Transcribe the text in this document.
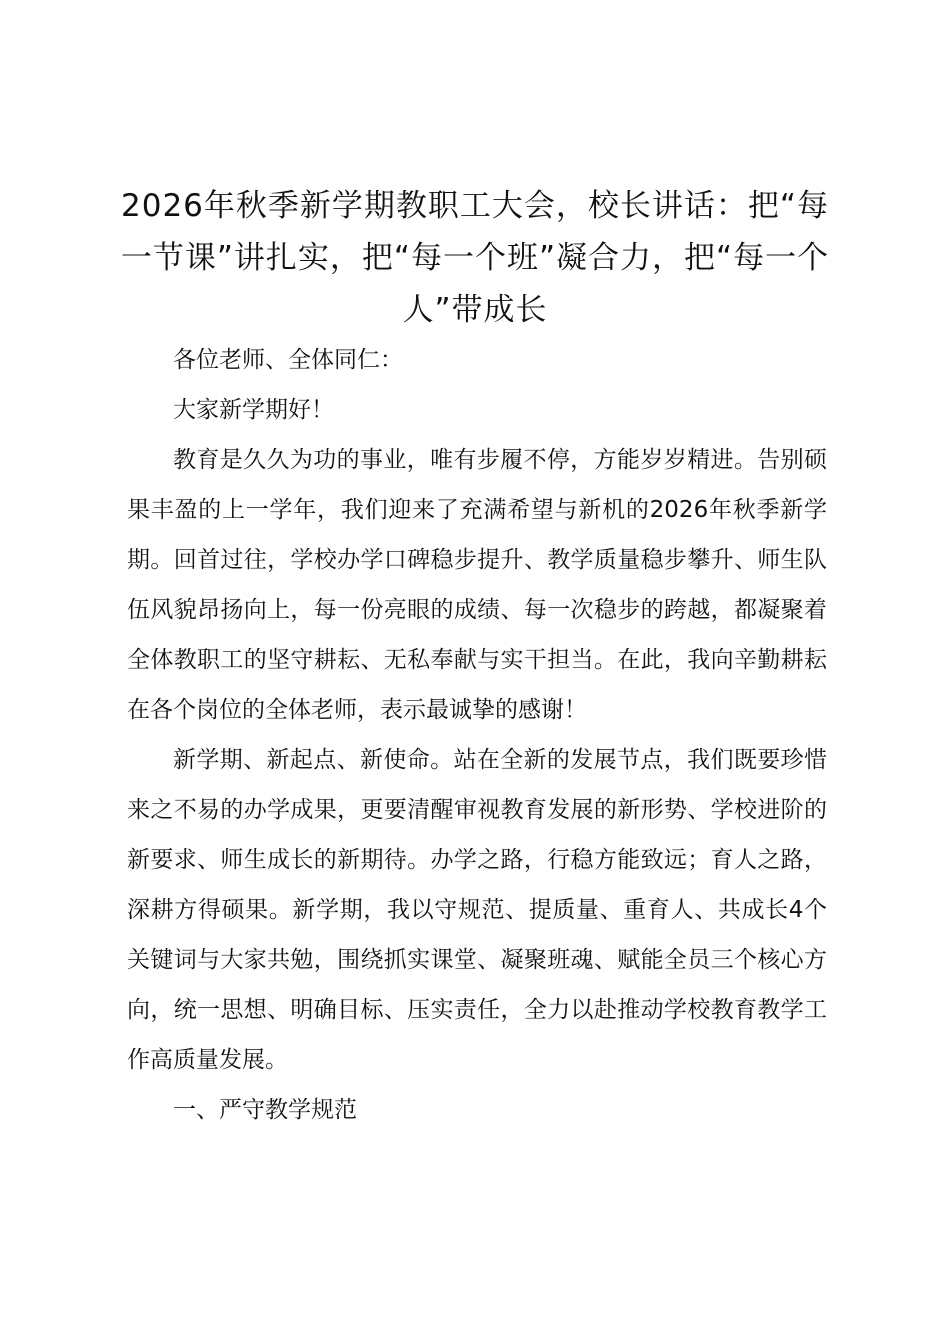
2026年秋季新学期教职工大会，校长讲话：把“每一节课”讲扎实，把“每一个班”凝合力，把“每一个人”带成长

各位老师、全体同仁：

大家新学期好！

教育是久久为功的事业，唯有步履不停，方能岁岁精进。告别硕果丰盈的上一学年，我们迎来了充满希望与新机的2026年秋季新学期。回首过往，学校办学口碑稳步提升、教学质量稳步攀升、师生队伍风貌昂扬向上，每一份亮眼的成绩、每一次稳步的跨越，都凝聚着全体教职工的坚守耕耘、无私奉献与实干担当。在此，我向辛勤耕耘在各个岗位的全体老师，表示最诚挚的感谢！

新学期、新起点、新使命。站在全新的发展节点，我们既要珍惜来之不易的办学成果，更要清醒审视教育发展的新形势、学校进阶的新要求、师生成长的新期待。办学之路，行稳方能致远；育人之路，深耕方得硕果。新学期，我以守规范、提质量、重育人、共成长4个关键词与大家共勉，围绕抓实课堂、凝聚班魂、赋能全员三个核心方向，统一思想、明确目标、压实责任，全力以赴推动学校教育教学工作高质量发展。

一、严守教学规范
